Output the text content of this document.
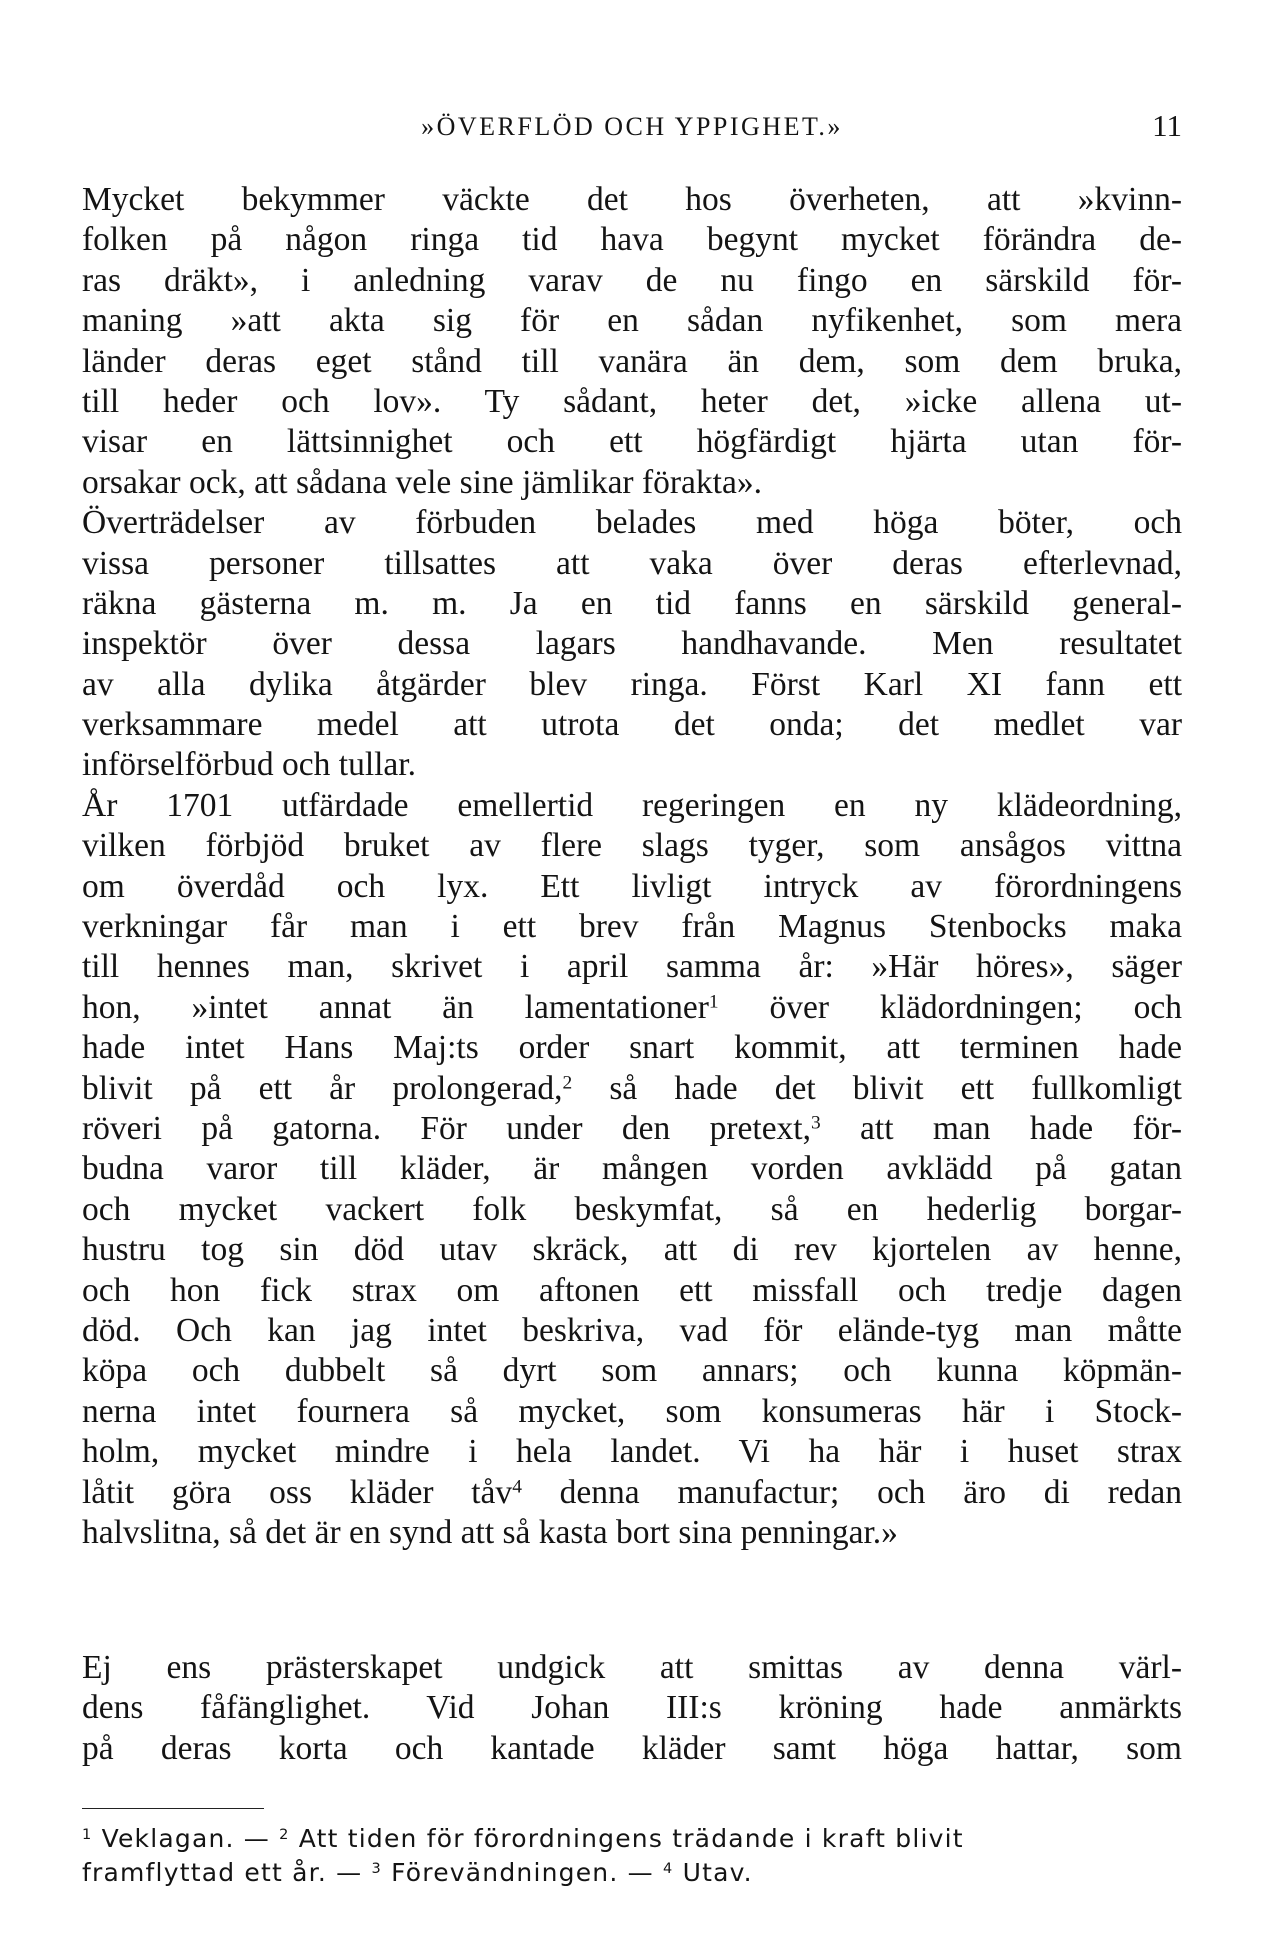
»ÖVERFLÖD OCH YPPIGHET.»	11
Mycket bekymmer väckte det hos överheten, att »kvinn-
folken på någon ringa tid hava begynt mycket förändra de-
ras dräkt», i anledning varav de nu fingo en särskild för-
maning »att akta sig för en sådan nyfikenhet, som mera
länder deras eget stånd till vanära än dem, som dem bruka,
till heder och lov». Ty sådant, heter det, »icke allena ut-
visar en lättsinnighet och ett högfärdigt hjärta utan för-
orsakar ock, att sådana vele sine jämlikar förakta».
Överträdelser av förbuden belades med höga böter, och
vissa personer tillsattes att vaka över deras efterlevnad,
räkna gästerna m. m. Ja en tid fanns en särskild general-
inspektör över dessa lagars handhavande. Men resultatet
av alla dylika åtgärder blev ringa. Först Karl XI fann ett
verksammare medel att utrota det onda; det medlet var
införselförbud och tullar.
År 1701 utfärdade emellertid regeringen en ny klädeordning,
vilken förbjöd bruket av flere slags tyger, som ansågos vittna
om överdåd och lyx. Ett livligt intryck av förordningens
verkningar får man i ett brev från Magnus Stenbocks maka
till hennes man, skrivet i april samma år: »Här höres», säger
hon, »intet annat än lamentationer$^1$ över klädordningen; och
hade intet Hans Maj:ts order snart kommit, att terminen hade
blivit på ett år prolongerad,$^2$ så hade det blivit ett fullkomligt
röveri på gatorna. För under den pretext,$^3$ att man hade för-
budna varor till kläder, är mången vorden avklädd på gatan
och mycket vackert folk beskymfat, så en hederlig borgar-
hustru tog sin död utav skräck, att di rev kjortelen av henne,
och hon fick strax om aftonen ett missfall och tredje dagen
död. Och kan jag intet beskriva, vad för elände-tyg man måtte
köpa och dubbelt så dyrt som annars; och kunna köpmän-
nerna intet fournera så mycket, som konsumeras här i Stock-
holm, mycket mindre i hela landet. Vi ha här i huset strax
låtit göra oss kläder tåv$^4$ denna manufactur; och äro di redan
halvslitna, så det är en synd att så kasta bort sina penningar.»
Ej ens prästerskapet undgick att smittas av denna värl-
dens fåfänglighet. Vid Johan III:s kröning hade anmärkts
på deras korta och kantade kläder samt höga hattar, som
$^1$ Veklagan. — $^2$ Att tiden för förordningens trädande i kraft blivit
framflyttad ett år. — $^3$ Förevändningen. — $^4$ Utav.
